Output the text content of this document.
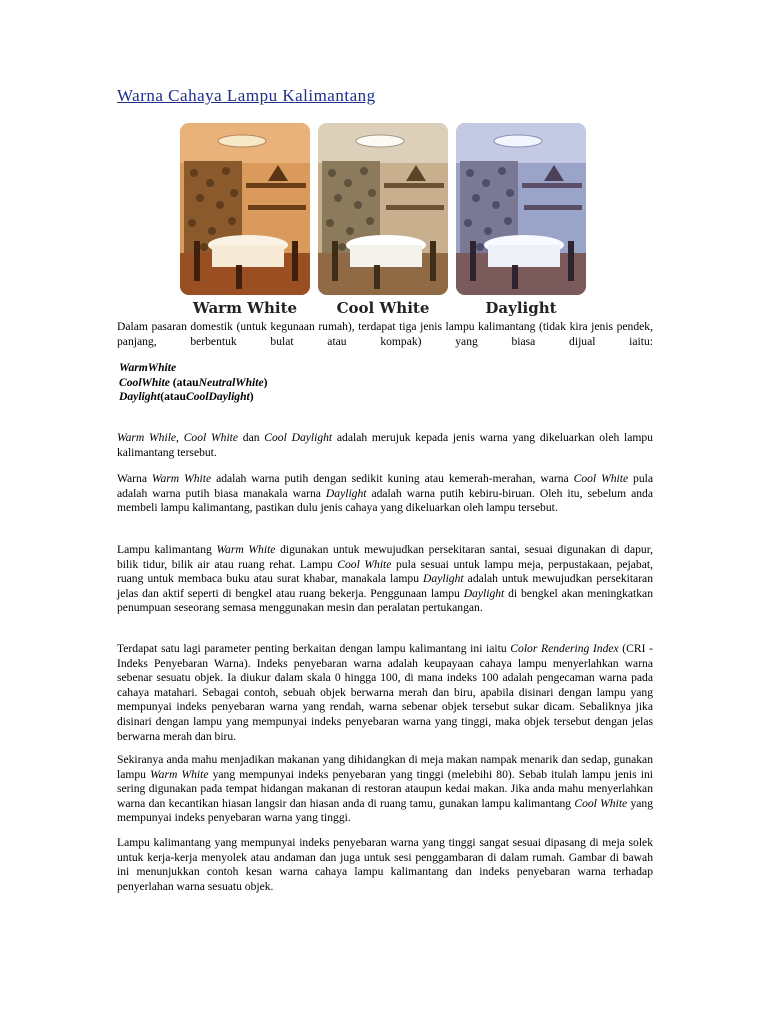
Warna Cahaya Lampu Kalimantang
Warm White	Cool White	Daylight
Dalam pasaran domestik (untuk kegunaan rumah), terdapat tiga jenis lampu kalimantang (tidak kira jenis pendek, panjang, berbentuk bulat atau kompak) yang biasa dijual iaitu:
WarmWhite
CoolWhite (atauNeutralWhite)
Daylight(atauCoolDaylight)
Warm While, Cool White dan Cool Daylight adalah merujuk kepada jenis warna yang dikeluarkan oleh lampu kalimantang tersebut.
Warna Warm White adalah warna putih dengan sedikit kuning atau kemerah-merahan, warna Cool White pula adalah warna putih biasa manakala warna Daylight adalah warna putih kebiru-biruan. Oleh itu, sebelum anda membeli lampu kalimantang, pastikan dulu jenis cahaya yang dikeluarkan oleh lampu tersebut.
Lampu kalimantang Warm White digunakan untuk mewujudkan persekitaran santai, sesuai digunakan di dapur, bilik tidur, bilik air atau ruang rehat. Lampu Cool White pula sesuai untuk lampu meja, perpustakaan, pejabat, ruang untuk membaca buku atau surat khabar, manakala lampu Daylight adalah untuk mewujudkan persekitaran jelas dan aktif seperti di bengkel atau ruang bekerja. Penggunaan lampu Daylight di bengkel akan meningkatkan penumpuan seseorang semasa menggunakan mesin dan peralatan pertukangan.
Terdapat satu lagi parameter penting berkaitan dengan lampu kalimantang ini iaitu Color Rendering Index (CRI - Indeks Penyebaran Warna). Indeks penyebaran warna adalah keupayaan cahaya lampu menyerlahkan warna sebenar sesuatu objek. Ia diukur dalam skala 0 hingga 100, di mana indeks 100 adalah pengecaman warna pada cahaya matahari. Sebagai contoh, sebuah objek berwarna merah dan biru, apabila disinari dengan lampu yang mempunyai indeks penyebaran warna yang rendah, warna sebenar objek tersebut sukar dicam. Sebaliknya jika disinari dengan lampu yang mempunyai indeks penyebaran warna yang tinggi, maka objek tersebut dengan jelas berwarna merah dan biru.
Sekiranya anda mahu menjadikan makanan yang dihidangkan di meja makan nampak menarik dan sedap, gunakan lampu Warm White yang mempunyai indeks penyebaran yang tinggi (melebihi 80). Sebab itulah lampu jenis ini sering digunakan pada tempat hidangan makanan di restoran ataupun kedai makan. Jika anda mahu menyerlahkan warna dan kecantikan hiasan langsir dan hiasan anda di ruang tamu, gunakan lampu kalimantang Cool White yang mempunyai indeks penyebaran warna yang tinggi.
Lampu kalimantang yang mempunyai indeks penyebaran warna yang tinggi sangat sesuai dipasang di meja solek untuk kerja-kerja menyolek atau andaman dan juga untuk sesi penggambaran di dalam rumah. Gambar di bawah ini menunjukkan contoh kesan warna cahaya lampu kalimantang dan indeks penyebaran warna terhadap penyerlahan warna sesuatu objek.
